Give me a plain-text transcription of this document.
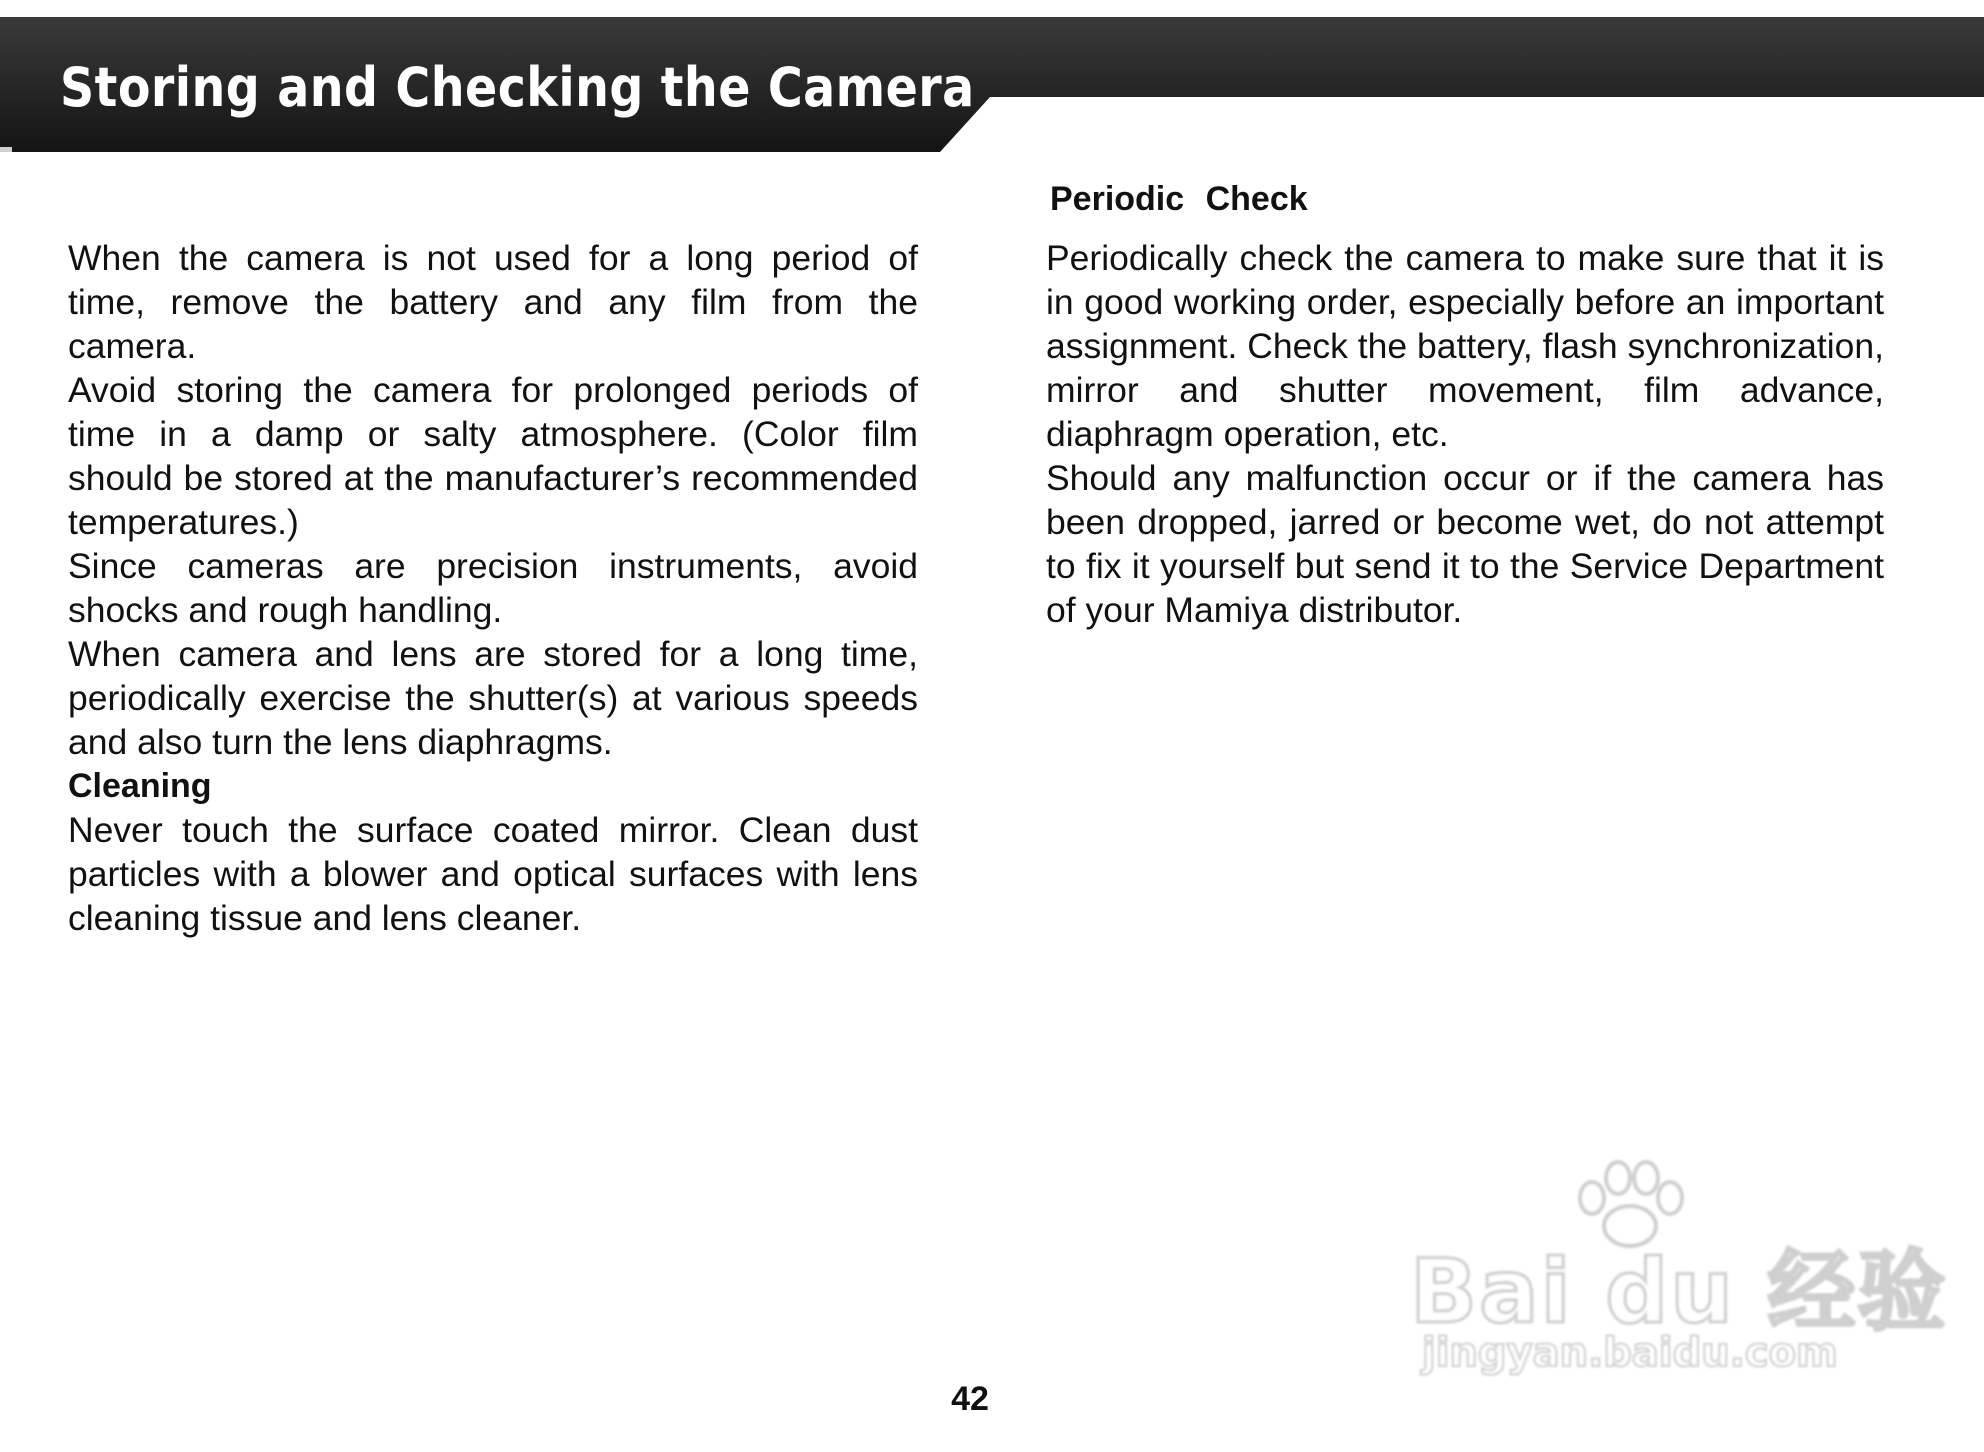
Storing and Checking the Camera

When the camera is not used for a long period of time, remove the battery and any film from the camera.

Avoid storing the camera for prolonged periods of time in a damp or salty atmosphere. (Color film should be stored at the manufacturer’s recommended temperatures.)

Since cameras are precision instruments, avoid shocks and rough handling.

When camera and lens are stored for a long time, periodically exercise the shutter(s) at various speeds and also turn the lens diaphragms.

Cleaning

Never touch the surface coated mirror. Clean dust particles with a blower and optical surfaces with lens cleaning tissue and lens cleaner.

Periodic Check

Periodically check the camera to make sure that it is in good working order, especially before an important assignment. Check the battery, flash synchronization, mirror and shutter movement, film advance, diaphragm operation, etc.

Should any malfunction occur or if the camera has been dropped, jarred or become wet, do not attempt to fix it yourself but send it to the Service Department of your Mamiya distributor.

42
Bai du 经验
jingyan.baidu.com
